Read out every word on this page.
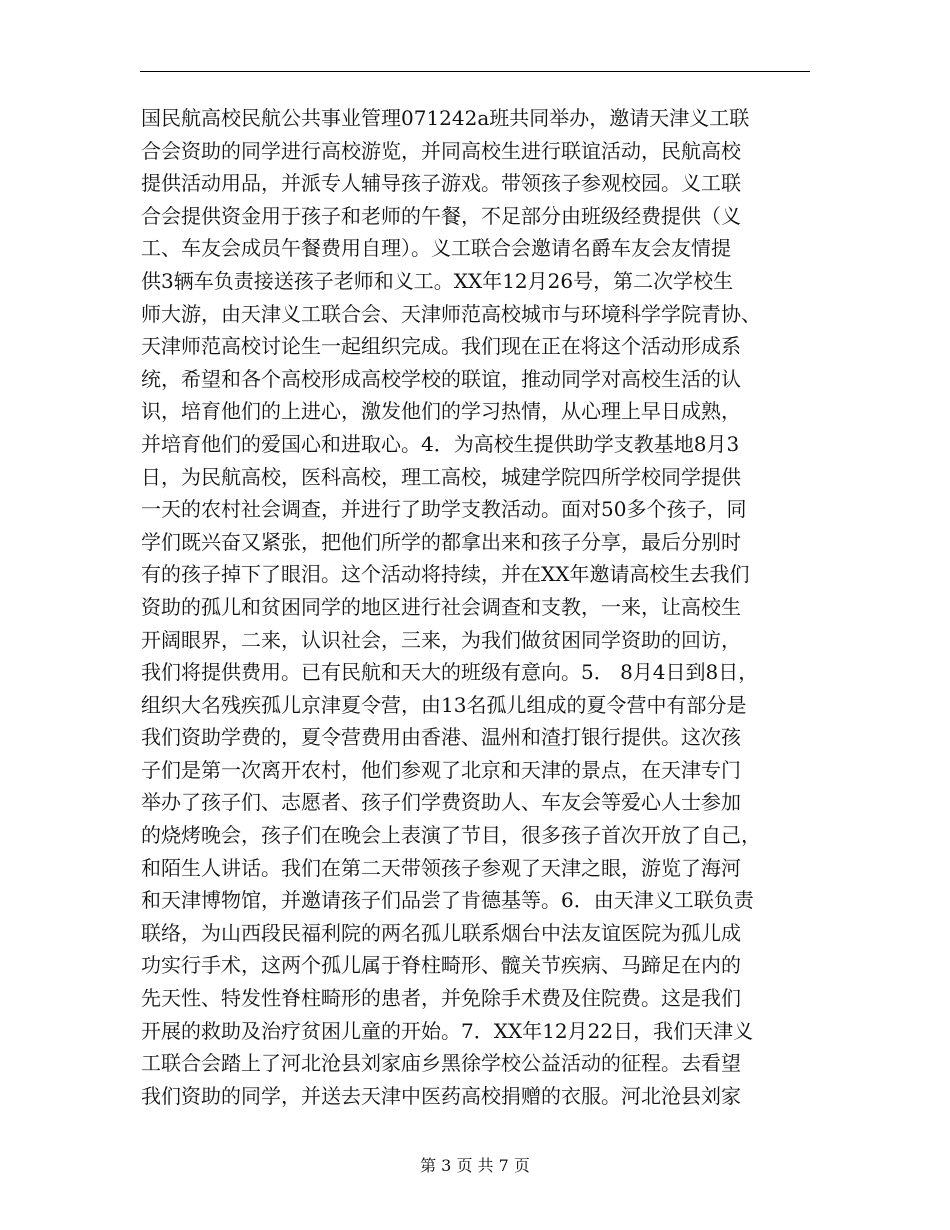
国民航高校民航公共事业管理071242a班共同举办，邀请天津义工联
合会资助的同学进行高校游览，并同高校生进行联谊活动，民航高校
提供活动用品，并派专人辅导孩子游戏。带领孩子参观校园。义工联
合会提供资金用于孩子和老师的午餐，不足部分由班级经费提供（义
工、车友会成员午餐费用自理）。义工联合会邀请名爵车友会友情提
供3辆车负责接送孩子老师和义工。XX年12月26号，第二次学校生
师大游，由天津义工联合会、天津师范高校城市与环境科学学院青协、
天津师范高校讨论生一起组织完成。我们现在正在将这个活动形成系
统，希望和各个高校形成高校学校的联谊，推动同学对高校生活的认
识，培育他们的上进心，激发他们的学习热情，从心理上早日成熟，
并培育他们的爱国心和进取心。4．为高校生提供助学支教基地8月3
日，为民航高校，医科高校，理工高校，城建学院四所学校同学提供
一天的农村社会调查，并进行了助学支教活动。面对50多个孩子，同
学们既兴奋又紧张，把他们所学的都拿出来和孩子分享，最后分别时
有的孩子掉下了眼泪。这个活动将持续，并在XX年邀请高校生去我们
资助的孤儿和贫困同学的地区进行社会调查和支教，一来，让高校生
开阔眼界，二来，认识社会，三来，为我们做贫困同学资助的回访，
我们将提供费用。已有民航和天大的班级有意向。5． 8月4日到8日，
组织大名残疾孤儿京津夏令营，由13名孤儿组成的夏令营中有部分是
我们资助学费的，夏令营费用由香港、温州和渣打银行提供。这次孩
子们是第一次离开农村，他们参观了北京和天津的景点，在天津专门
举办了孩子们、志愿者、孩子们学费资助人、车友会等爱心人士参加
的烧烤晚会，孩子们在晚会上表演了节目，很多孩子首次开放了自己，
和陌生人讲话。我们在第二天带领孩子参观了天津之眼，游览了海河
和天津博物馆，并邀请孩子们品尝了肯德基等。6．由天津义工联负责
联络，为山西段民福利院的两名孤儿联系烟台中法友谊医院为孤儿成
功实行手术，这两个孤儿属于脊柱畸形、髋关节疾病、马蹄足在内的
先天性、特发性脊柱畸形的患者，并免除手术费及住院费。这是我们
开展的救助及治疗贫困儿童的开始。7．XX年12月22日，我们天津义
工联合会踏上了河北沧县刘家庙乡黑徐学校公益活动的征程。去看望
我们资助的同学，并送去天津中医药高校捐赠的衣服。河北沧县刘家
第 3 页 共 7 页
